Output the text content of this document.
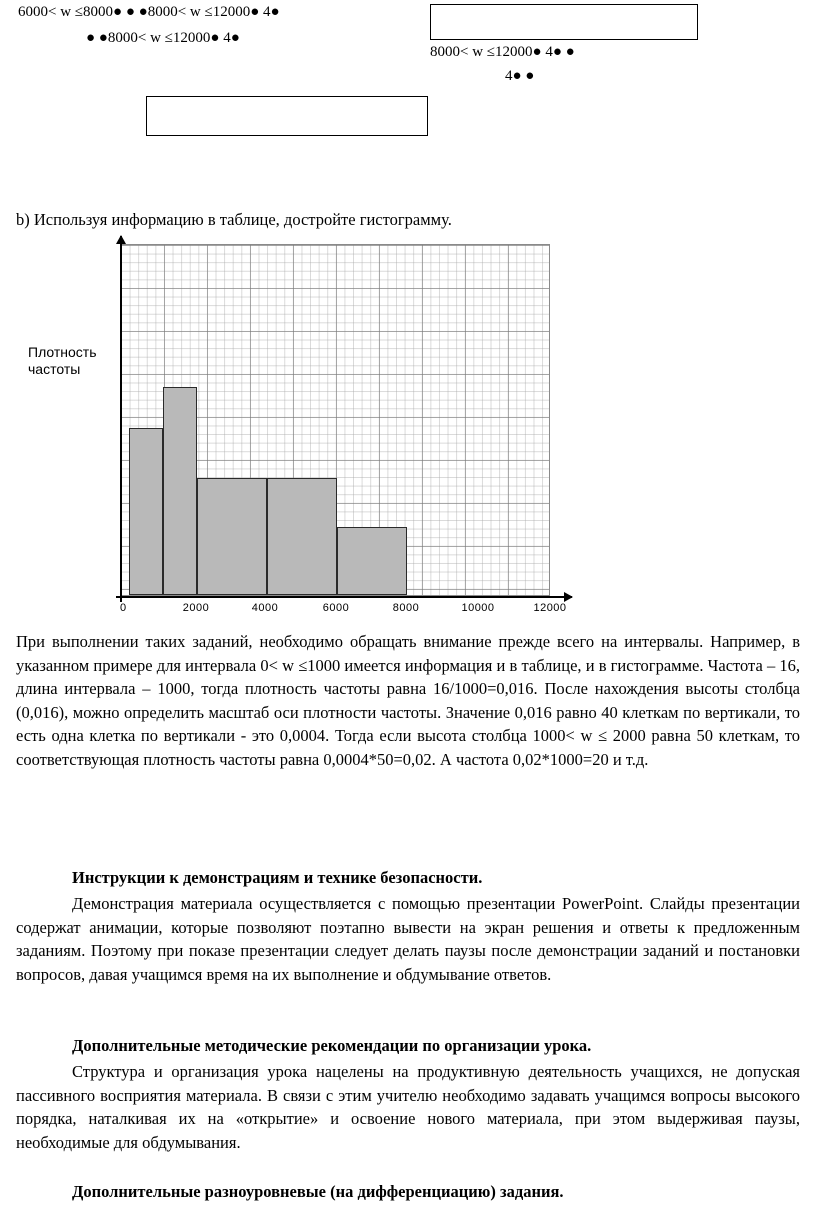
6000< w ≤8000● ● ●8000< w ≤12000● 4●
● ●8000< w ≤12000● 4●
8000< w ≤12000● 4● ●
4● ●
b) Используя информацию в таблице, достройте гистограмму.
Плотность частоты
0	2000	4000	6000	8000	10000	12000
При выполнении таких заданий, необходимо обращать внимание прежде всего на интервалы. Например, в указанном примере для интервала 0< w ≤1000 имеется информация и в таблице, и в гистограмме. Частота – 16, длина интервала – 1000, тогда плотность частоты равна 16/1000=0,016. После нахождения высоты столбца (0,016), можно определить масштаб оси плотности частоты. Значение 0,016 равно 40 клеткам по вертикали, то есть одна клетка по вертикали - это 0,0004. Тогда если высота столбца 1000< w ≤ 2000 равна 50 клеткам, то соответствующая плотность частоты равна 0,0004*50=0,02. А частота 0,02*1000=20 и т.д.
Инструкции к демонстрациям и технике безопасности.
Демонстрация материала осуществляется с помощью презентации PowerPoint. Слайды презентации содержат анимации, которые позволяют поэтапно вывести на экран решения и ответы к предложенным заданиям. Поэтому при показе презентации следует делать паузы после демонстрации заданий и постановки вопросов, давая учащимся время на их выполнение и обдумывание ответов.
Дополнительные методические рекомендации по организации урока.
Структура и организация урока нацелены на продуктивную деятельность учащихся, не допуская пассивного восприятия материала. В связи с этим учителю необходимо задавать учащимся вопросы высокого порядка, наталкивая их на «открытие» и освоение нового материала, при этом выдерживая паузы, необходимые для обдумывания.
Дополнительные разноуровневые (на дифференциацию) задания.
